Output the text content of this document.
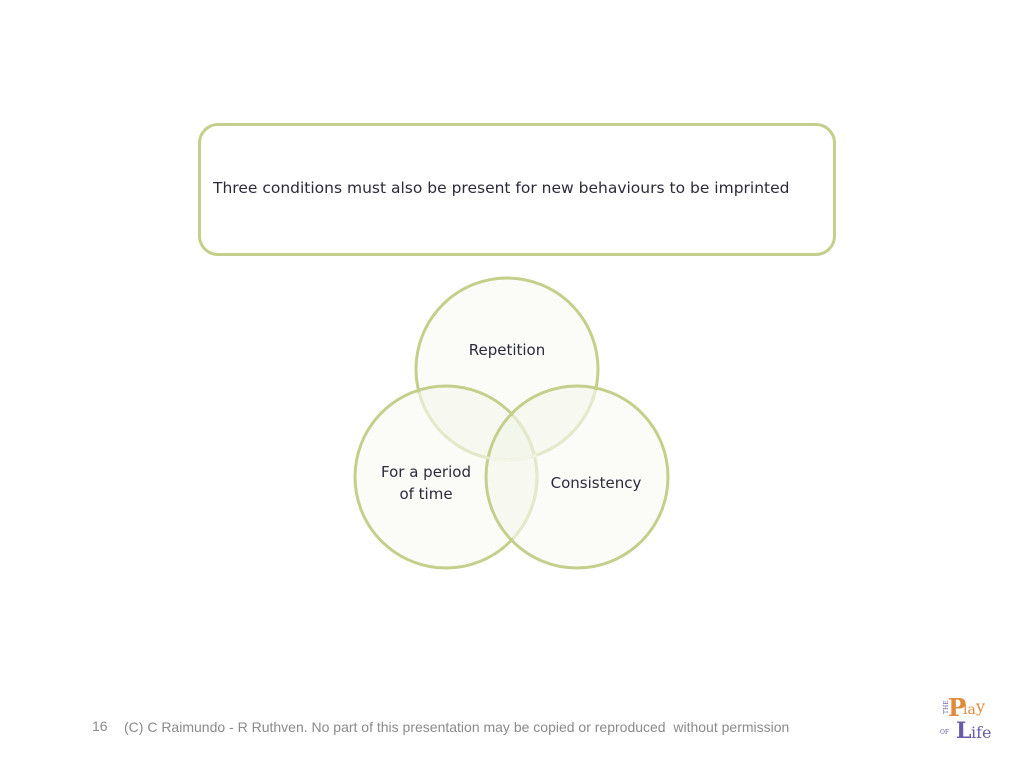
Three conditions must also be present for new behaviours to be imprinted
Repetition
For a period
of time
Consistency
16 (C) C Raimundo - R Ruthven. No part of this presentation may be copied or reproduced  without permission
THE
P
la y
OF L ife
